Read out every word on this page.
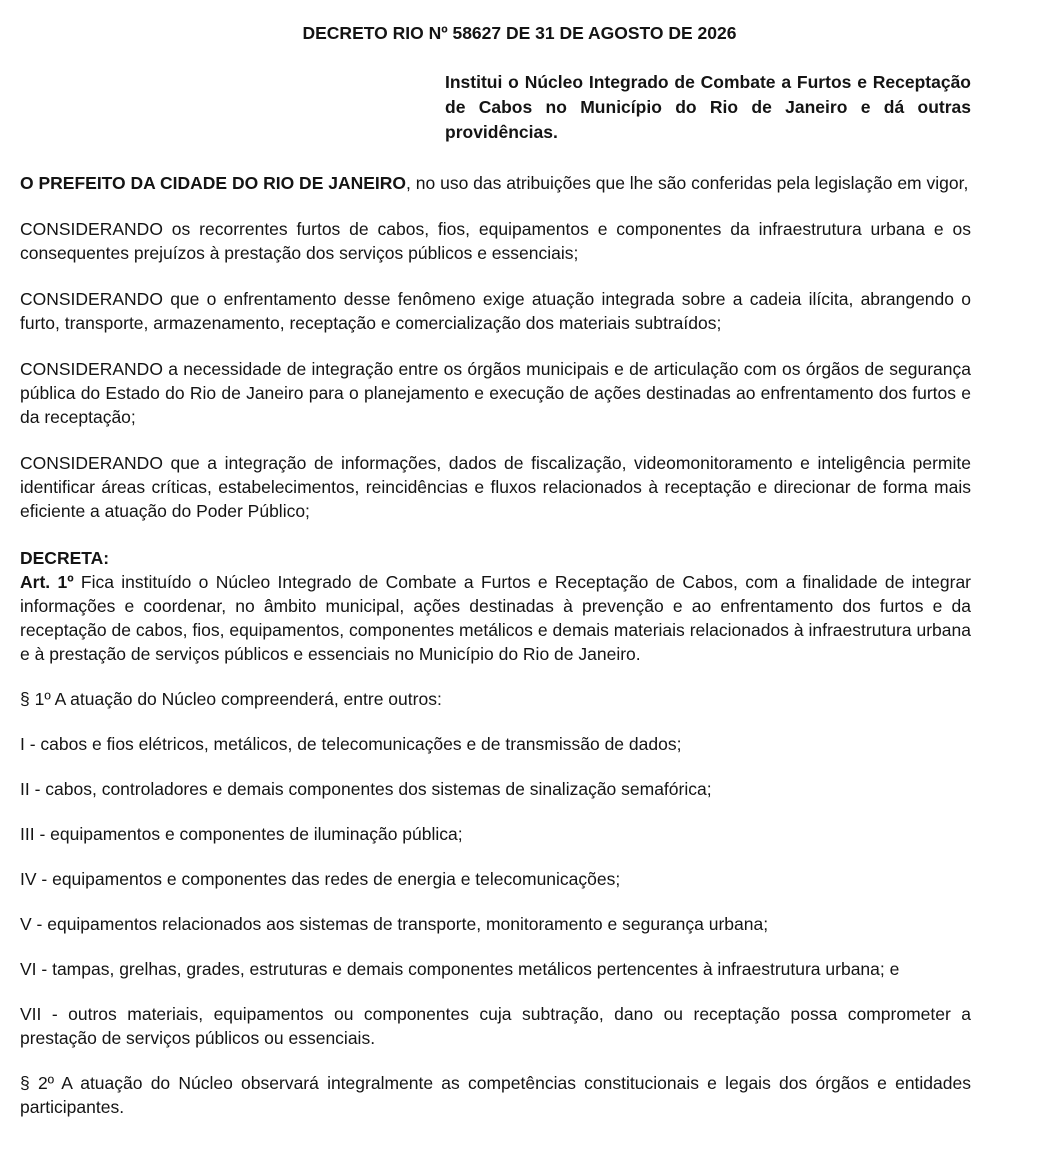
DECRETO RIO Nº 58627 DE 31 DE AGOSTO DE 2026
Institui o Núcleo Integrado de Combate a Furtos e Receptação de Cabos no Município do Rio de Janeiro e dá outras providências.

O PREFEITO DA CIDADE DO RIO DE JANEIRO, no uso das atribuições que lhe são conferidas pela legislação em vigor,

CONSIDERANDO os recorrentes furtos de cabos, fios, equipamentos e componentes da infraestrutura urbana e os consequentes prejuízos à prestação dos serviços públicos e essenciais;

CONSIDERANDO que o enfrentamento desse fenômeno exige atuação integrada sobre a cadeia ilícita, abrangendo o furto, transporte, armazenamento, receptação e comercialização dos materiais subtraídos;

CONSIDERANDO a necessidade de integração entre os órgãos municipais e de articulação com os órgãos de segurança pública do Estado do Rio de Janeiro para o planejamento e execução de ações destinadas ao enfrentamento dos furtos e da receptação;

CONSIDERANDO que a integração de informações, dados de fiscalização, videomonitoramento e inteligência permite identificar áreas críticas, estabelecimentos, reincidências e fluxos relacionados à receptação e direcionar de forma mais eficiente a atuação do Poder Público;

DECRETA:

Art. 1º Fica instituído o Núcleo Integrado de Combate a Furtos e Receptação de Cabos, com a finalidade de integrar informações e coordenar, no âmbito municipal, ações destinadas à prevenção e ao enfrentamento dos furtos e da receptação de cabos, fios, equipamentos, componentes metálicos e demais materiais relacionados à infraestrutura urbana e à prestação de serviços públicos e essenciais no Município do Rio de Janeiro.

§ 1º A atuação do Núcleo compreenderá, entre outros:

I - cabos e fios elétricos, metálicos, de telecomunicações e de transmissão de dados;

II - cabos, controladores e demais componentes dos sistemas de sinalização semafórica;

III - equipamentos e componentes de iluminação pública;

IV - equipamentos e componentes das redes de energia e telecomunicações;

V - equipamentos relacionados aos sistemas de transporte, monitoramento e segurança urbana;

VI - tampas, grelhas, grades, estruturas e demais componentes metálicos pertencentes à infraestrutura urbana; e

VII - outros materiais, equipamentos ou componentes cuja subtração, dano ou receptação possa comprometer a prestação de serviços públicos ou essenciais.

§ 2º A atuação do Núcleo observará integralmente as competências constitucionais e legais dos órgãos e entidades participantes.
